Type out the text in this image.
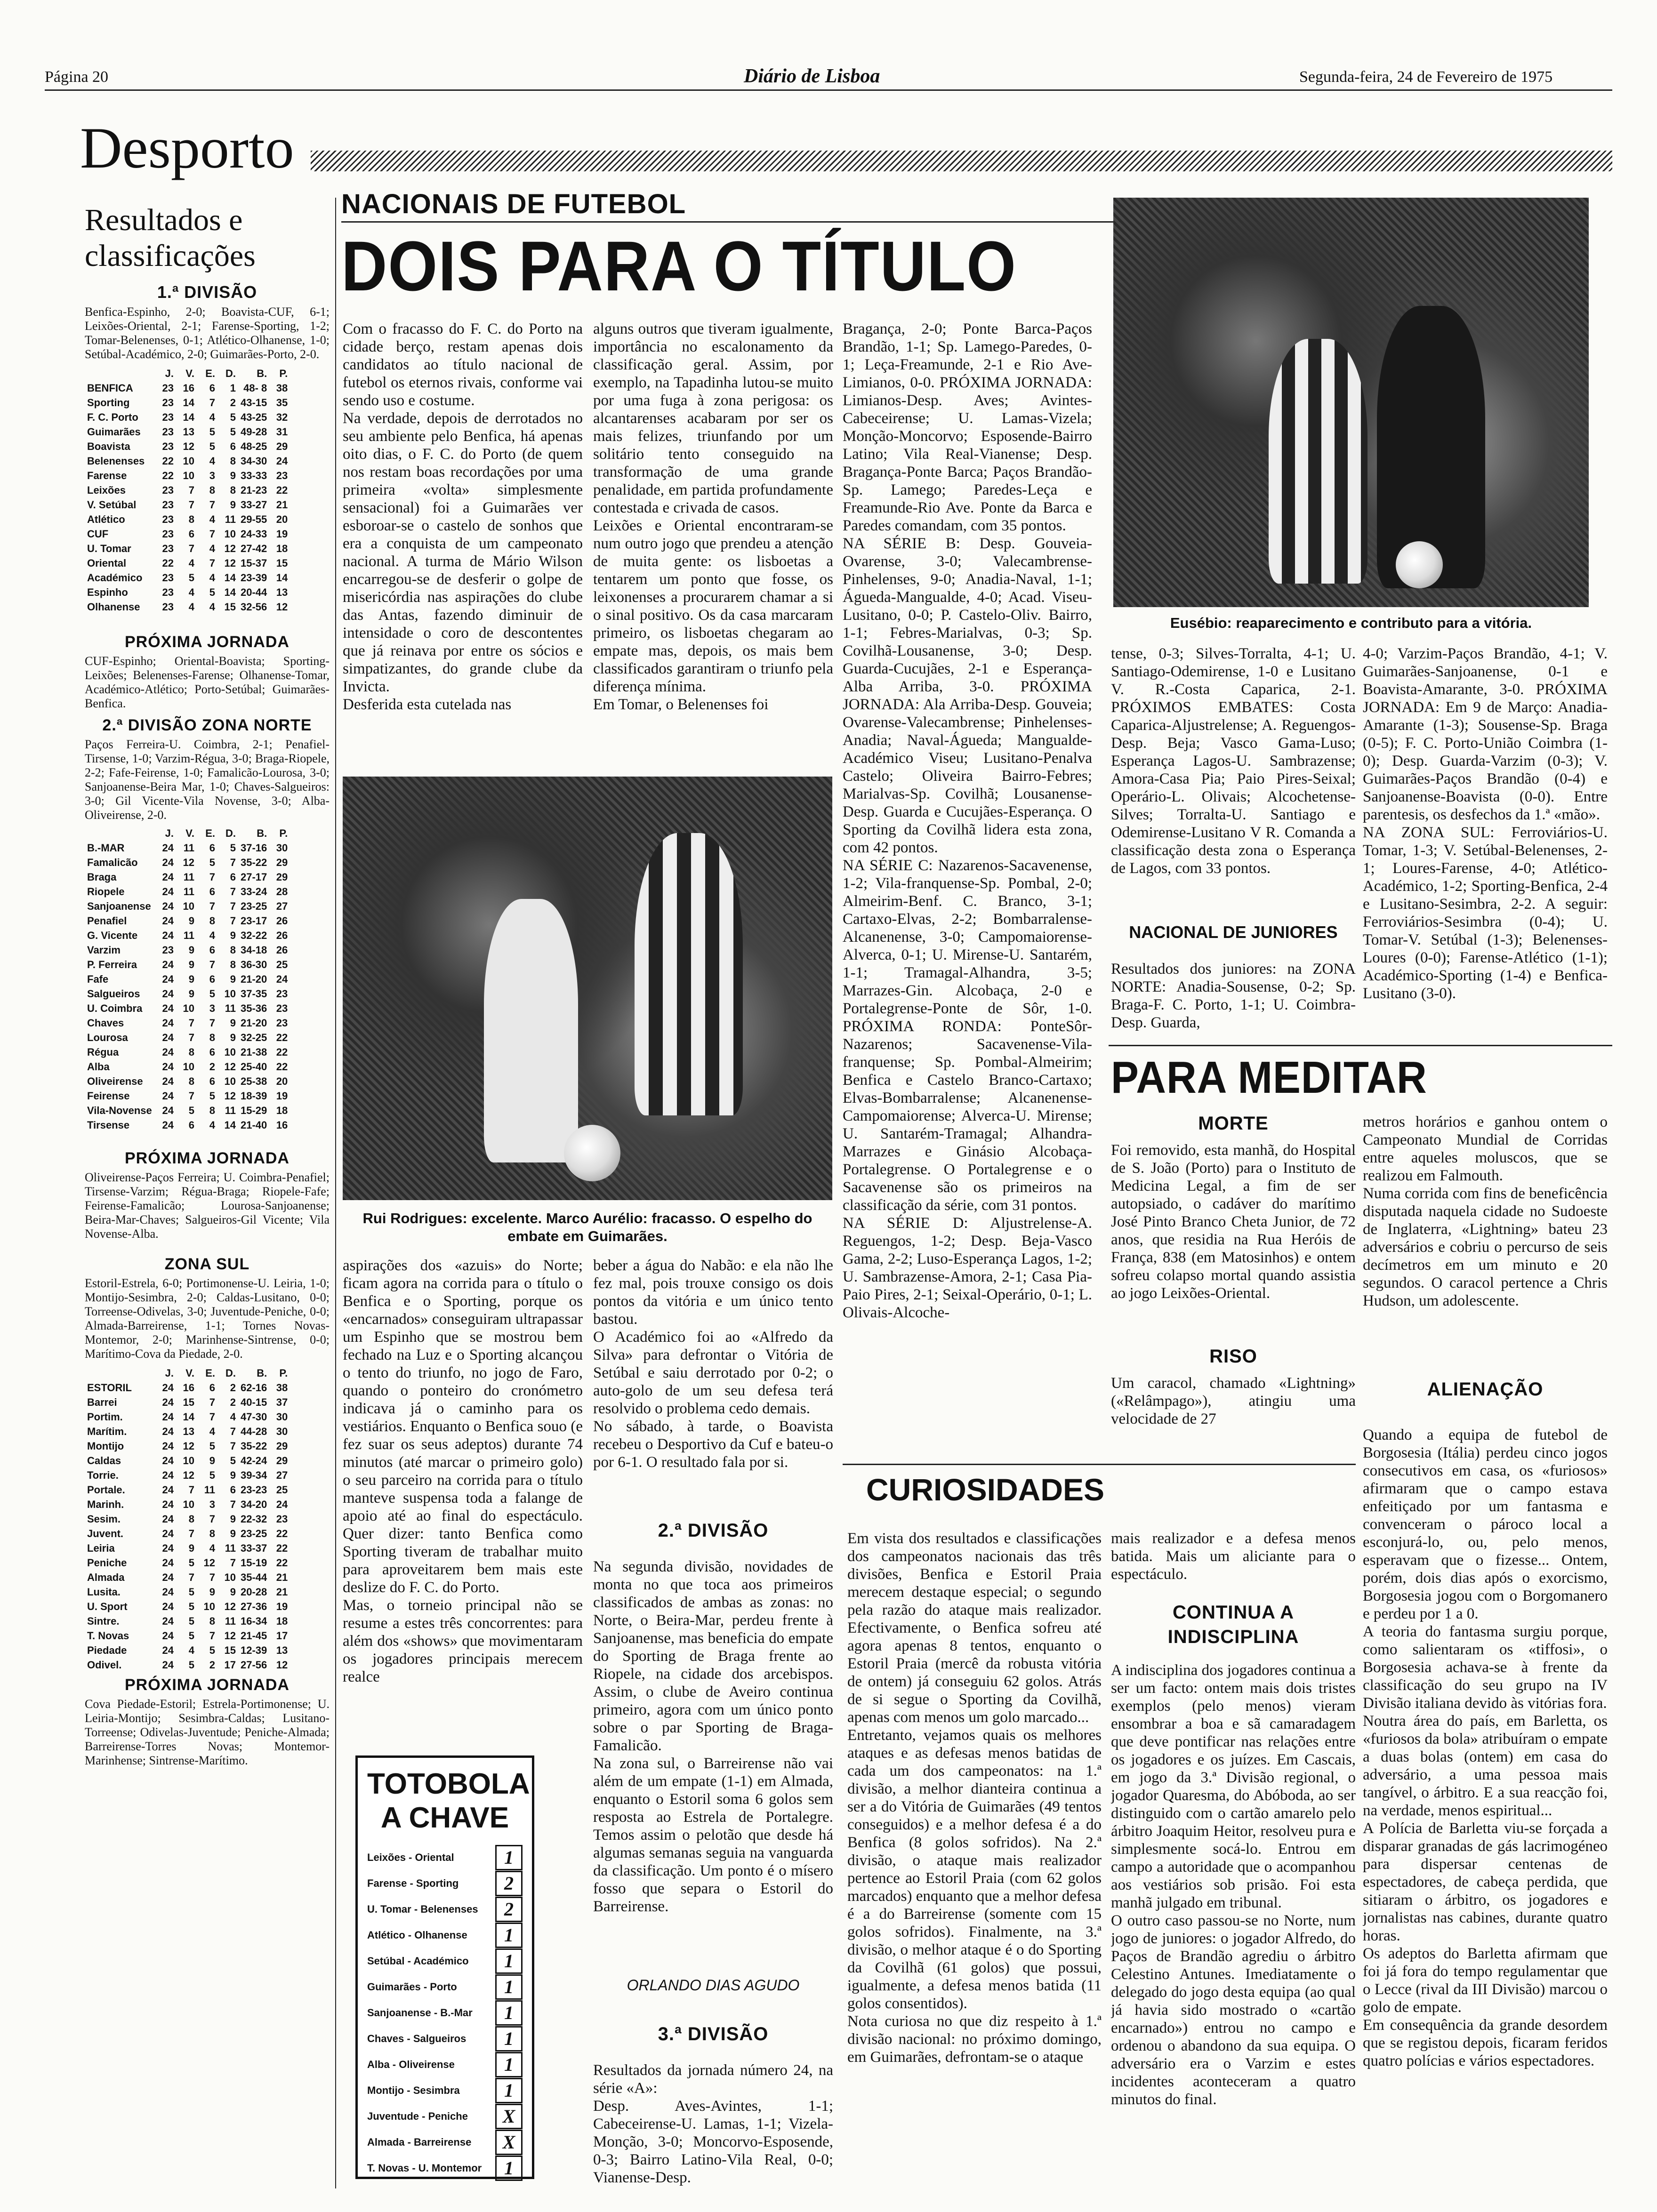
Página 20	Diário de Lisboa	Segunda-feira, 24 de Fevereiro de 1975
Desporto
Resultados e classificações
1.ª DIVISÃO
Benfica-Espinho, 2-0; Boavista-CUF, 6-1; Leixões-Oriental, 2-1; Farense-Sporting, 1-2; Tomar-Belenenses, 0-1; Atlético-Olhanense, 1-0; Setúbal-Académico, 2-0; Guimarães-Porto, 2-0.
	J.	V.	E.	D.	B.	P.
BENFICA	23	16	6	1	48- 8	38
Sporting	23	14	7	2	43-15	35
F. C. Porto	23	14	4	5	43-25	32
Guimarães	23	13	5	5	49-28	31
Boavista	23	12	5	6	48-25	29
Belenenses	22	10	4	8	34-30	24
Farense	22	10	3	9	33-33	23
Leixões	23	7	8	8	21-23	22
V. Setúbal	23	7	7	9	33-27	21
Atlético	23	8	4	11	29-55	20
CUF	23	6	7	10	24-33	19
U. Tomar	23	7	4	12	27-42	18
Oriental	22	4	7	12	15-37	15
Académico	23	5	4	14	23-39	14
Espinho	23	4	5	14	20-44	13
Olhanense	23	4	4	15	32-56	12
PRÓXIMA JORNADA
CUF-Espinho; Oriental-Boavista; Sporting-Leixões; Belenenses-Farense; Olhanense-Tomar, Académico-Atlético; Porto-Setúbal; Guimarães-Benfica.
2.ª DIVISÃO ZONA NORTE
Paços Ferreira-U. Coimbra, 2-1; Penafiel-Tirsense, 1-0; Varzim-Régua, 3-0; Braga-Riopele, 2-2; Fafe-Feirense, 1-0; Famalicão-Lourosa, 3-0; Sanjoanense-Beira Mar, 1-0; Chaves-Salgueiros: 3-0; Gil Vicente-Vila Novense, 3-0; Alba-Oliveirense, 2-0.
	J.	V.	E.	D.	B.	P.
B.-MAR	24	11	6	5	37-16	30
Famalicão	24	12	5	7	35-22	29
Braga	24	11	7	6	27-17	29
Riopele	24	11	6	7	33-24	28
Sanjoanense	24	10	7	7	23-25	27
Penafiel	24	9	8	7	23-17	26
G. Vicente	24	11	4	9	32-22	26
Varzim	23	9	6	8	34-18	26
P. Ferreira	24	9	7	8	36-30	25
Fafe	24	9	6	9	21-20	24
Salgueiros	24	9	5	10	37-35	23
U. Coimbra	24	10	3	11	35-36	23
Chaves	24	7	7	9	21-20	23
Lourosa	24	7	8	9	32-25	22
Régua	24	8	6	10	21-38	22
Alba	24	10	2	12	25-40	22
Oliveirense	24	8	6	10	25-38	20
Feirense	24	7	5	12	18-39	19
Vila-Novense	24	5	8	11	15-29	18
Tirsense	24	6	4	14	21-40	16
PRÓXIMA JORNADA
Oliveirense-Paços Ferreira; U. Coimbra-Penafiel; Tirsense-Varzim; Régua-Braga; Riopele-Fafe; Feirense-Famalicão; Lourosa-Sanjoanense; Beira-Mar-Chaves; Salgueiros-Gil Vicente; Vila Novense-Alba.
ZONA SUL
Estoril-Estrela, 6-0; Portimonense-U. Leiria, 1-0; Montijo-Sesimbra, 2-0; Caldas-Lusitano, 0-0; Torreense-Odivelas, 3-0; Juventude-Peniche, 0-0; Almada-Barreirense, 1-1; Tornes Novas-Montemor, 2-0; Marinhense-Sintrense, 0-0; Marítimo-Cova da Piedade, 2-0.
	J.	V.	E.	D.	B.	P.
ESTORIL	24	16	6	2	62-16	38
Barrei	24	15	7	2	40-15	37
Portim.	24	14	7	4	47-30	30
Marítim.	24	13	4	7	44-28	30
Montijo	24	12	5	7	35-22	29
Caldas	24	10	9	5	42-24	29
Torrie.	24	12	5	9	39-34	27
Portale.	24	7	11	6	23-23	25
Marinh.	24	10	3	7	34-20	24
Sesim.	24	8	7	9	22-32	23
Juvent.	24	7	8	9	23-25	22
Leiria	24	9	4	11	33-37	22
Peniche	24	5	12	7	15-19	22
Almada	24	7	7	10	35-44	21
Lusita.	24	5	9	9	20-28	21
U. Sport	24	5	10	12	27-36	19
Sintre.	24	5	8	11	16-34	18
T. Novas	24	5	7	12	21-45	17
Piedade	24	4	5	15	12-39	13
Odivel.	24	5	2	17	27-56	12
PRÓXIMA JORNADA
Cova Piedade-Estoril; Estrela-Portimonense; U. Leiria-Montijo; Sesimbra-Caldas; Lusitano-Torreense; Odivelas-Juventude; Peniche-Almada; Barreirense-Torres Novas; Montemor-Marinhense; Sintrense-Marítimo.
NACIONAIS DE FUTEBOL
DOIS PARA O TÍTULO
Com o fracasso do F. C. do Porto na cidade berço, restam apenas dois candidatos ao título nacional de futebol os eternos rivais, conforme vai sendo uso e costume.
Na verdade, depois de derrotados no seu ambiente pelo Benfica, há apenas oito dias, o F. C. do Porto (de quem nos restam boas recordações por uma primeira «volta» simplesmente sensacional) foi a Guimarães ver esboroar-se o castelo de sonhos que era a conquista de um campeonato nacional. A turma de Mário Wilson encarregou-se de desferir o golpe de misericórdia nas aspirações do clube das Antas, fazendo diminuir de intensidade o coro de descontentes que já reinava por entre os sócios e simpatizantes, do grande clube da Invicta.
Desferida esta cutelada nas
alguns outros que tiveram igualmente, importância no escalonamento da classificação geral. Assim, por exemplo, na Tapadinha lutou-se muito por uma fuga à zona perigosa: os alcantarenses acabaram por ser os mais felizes, triunfando por um solitário tento conseguido na transformação de uma grande penalidade, em partida profundamente contestada e crivada de casos.
Leixões e Oriental encontraram-se num outro jogo que prendeu a atenção de muita gente: os lisboetas a tentarem um ponto que fosse, os leixonenses a procurarem chamar a si o sinal positivo. Os da casa marcaram primeiro, os lisboetas chegaram ao empate mas, depois, os mais bem classificados garantiram o triunfo pela diferença mínima.
Em Tomar, o Belenenses foi
Bragança, 2-0; Ponte Barca-Paços Brandão, 1-1; Sp. Lamego-Paredes, 0-1; Leça-Freamunde, 2-1 e Rio Ave-Limianos, 0-0. PRÓXIMA JORNADA: Limianos-Desp. Aves; Avintes-Cabeceirense; U. Lamas-Vizela; Monção-Moncorvo; Esposende-Bairro Latino; Vila Real-Vianense; Desp. Bragança-Ponte Barca; Paços Brandão-Sp. Lamego; Paredes-Leça e Freamunde-Rio Ave. Ponte da Barca e Paredes comandam, com 35 pontos.
NA SÉRIE B: Desp. Gouveia-Ovarense, 3-0; Valecambrense-Pinhelenses, 9-0; Anadia-Naval, 1-1; Águeda-Mangualde, 4-0; Acad. Viseu-Lusitano, 0-0; P. Castelo-Oliv. Bairro, 1-1; Febres-Marialvas, 0-3; Sp. Covilhã-Lousanense, 3-0; Desp. Guarda-Cucujães, 2-1 e Esperança-Alba Arriba, 3-0. PRÓXIMA JORNADA: Ala Arriba-Desp. Gouveia; Ovarense-Valecambrense; Pinhelenses-Anadia; Naval-Águeda; Mangualde-Académico Viseu; Lusitano-Penalva Castelo; Oliveira Bairro-Febres; Marialvas-Sp. Covilhã; Lousanense-Desp. Guarda e Cucujães-Esperança. O Sporting da Covilhã lidera esta zona, com 42 pontos.
NA SÉRIE C: Nazarenos-Sacavenense, 1-2; Vila-franquense-Sp. Pombal, 2-0; Almeirim-Benf. C. Branco, 3-1; Cartaxo-Elvas, 2-2; Bombarralense-Alcanenense, 3-0; Campomaiorense-Alverca, 0-1; U. Mirense-U. Santarém, 1-1; Tramagal-Alhandra, 3-5; Marrazes-Gin. Alcobaça, 2-0 e Portalegrense-Ponte de Sôr, 1-0. PRÓXIMA RONDA: PonteSôr-Nazarenos; Sacavenense-Vila-franquense; Sp. Pombal-Almeirim; Benfica e Castelo Branco-Cartaxo; Elvas-Bombarralense; Alcanenense-Campomaiorense; Alverca-U. Mirense; U. Santarém-Tramagal; Alhandra-Marrazes e Ginásio Alcobaça-Portalegrense. O Portalegrense e o Sacavenense são os primeiros na classificação da série, com 31 pontos.
NA SÉRIE D: Aljustrelense-A. Reguengos, 1-2; Desp. Beja-Vasco Gama, 2-2; Luso-Esperança Lagos, 1-2; U. Sambrazense-Amora, 2-1; Casa Pia-Paio Pires, 2-1; Seixal-Operário, 0-1; L. Olivais-Alcoche-
Rui Rodrigues: excelente. Marco Aurélio: fracasso. O espelho do embate em Guimarães.
aspirações dos «azuis» do Norte; ficam agora na corrida para o título o Benfica e o Sporting, porque os «encarnados» conseguiram ultrapassar um Espinho que se mostrou bem fechado na Luz e o Sporting alcançou o tento do triunfo, no jogo de Faro, quando o ponteiro do cronómetro indicava já o caminho para os vestiários. Enquanto o Benfica souo (e fez suar os seus adeptos) durante 74 minutos (até marcar o primeiro golo) o seu parceiro na corrida para o título manteve suspensa toda a falange de apoio até ao final do espectáculo. Quer dizer: tanto Benfica como Sporting tiveram de trabalhar muito para aproveitarem bem mais este deslize do F. C. do Porto.
Mas, o torneio principal não se resume a estes três concorrentes: para além dos «shows» que movimentaram os jogadores principais merecem realce
beber a água do Nabão: e ela não lhe fez mal, pois trouxe consigo os dois pontos da vitória e um único tento bastou.
O Académico foi ao «Alfredo da Silva» para defrontar o Vitória de Setúbal e saiu derrotado por 0-2; o auto-golo de um seu defesa terá resolvido o problema cedo demais.
No sábado, à tarde, o Boavista recebeu o Desportivo da Cuf e bateu-o por 6-1. O resultado fala por si.
2.ª DIVISÃO
Na segunda divisão, novidades de monta no que toca aos primeiros classificados de ambas as zonas: no Norte, o Beira-Mar, perdeu frente à Sanjoanense, mas beneficia do empate do Sporting de Braga frente ao Riopele, na cidade dos arcebispos. Assim, o clube de Aveiro continua primeiro, agora com um único ponto sobre o par Sporting de Braga-Famalicão.
Na zona sul, o Barreirense não vai além de um empate (1-1) em Almada, enquanto o Estoril soma 6 golos sem resposta ao Estrela de Portalegre. Temos assim o pelotão que desde há algumas semanas seguia na vanguarda da classificação. Um ponto é o mísero fosso que separa o Estoril do Barreirense.
ORLANDO DIAS AGUDO
3.ª DIVISÃO
Resultados da jornada número 24, na série «A»:
Desp. Aves-Avintes, 1-1; Cabeceirense-U. Lamas, 1-1; Vizela-Monção, 3-0; Moncorvo-Esposende, 0-3; Bairro Latino-Vila Real, 0-0; Vianense-Desp.
TOTOBOLA
A CHAVE
Leixões - Oriental	1
Farense - Sporting	2
U. Tomar - Belenenses	2
Atlético - Olhanense	1
Setúbal - Académico	1
Guimarães - Porto	1
Sanjoanense - B.-Mar	1
Chaves - Salgueiros	1
Alba - Oliveirense	1
Montijo - Sesimbra	1
Juventude - Peniche	X
Almada - Barreirense	X
T. Novas - U. Montemor	1
Eusébio: reaparecimento e contributo para a vitória.
tense, 0-3; Silves-Torralta, 4-1; U. Santiago-Odemirense, 1-0 e Lusitano V. R.-Costa Caparica, 2-1. PRÓXIMOS EMBATES: Costa Caparica-Aljustrelense; A. Reguengos-Desp. Beja; Vasco Gama-Luso; Esperança Lagos-U. Sambrazense; Amora-Casa Pia; Paio Pires-Seixal; Operário-L. Olivais; Alcochetense-Silves; Torralta-U. Santiago e Odemirense-Lusitano V R. Comanda a classificação desta zona o Esperança de Lagos, com 33 pontos.
NACIONAL DE JUNIORES
Resultados dos juniores: na ZONA NORTE: Anadia-Sousense, 0-2; Sp. Braga-F. C. Porto, 1-1; U. Coimbra-Desp. Guarda,
4-0; Varzim-Paços Brandão, 4-1; V. Guimarães-Sanjoanense, 0-1 e Boavista-Amarante, 3-0. PRÓXIMA JORNADA: Em 9 de Março: Anadia-Amarante (1-3); Sousense-Sp. Braga (0-5); F. C. Porto-União Coimbra (1-0); Desp. Guarda-Varzim (0-3); V. Guimarães-Paços Brandão (0-4) e Sanjoanense-Boavista (0-0). Entre parentesis, os desfechos da 1.ª «mão».
NA ZONA SUL: Ferroviários-U. Tomar, 1-3; V. Setúbal-Belenenses, 2-1; Loures-Farense, 4-0; Atlético-Académico, 1-2; Sporting-Benfica, 2-4 e Lusitano-Sesimbra, 2-2. A seguir: Ferroviários-Sesimbra (0-4); U. Tomar-V. Setúbal (1-3); Belenenses-Loures (0-0); Farense-Atlético (1-1); Académico-Sporting (1-4) e Benfica-Lusitano (3-0).
PARA MEDITAR
MORTE
Foi removido, esta manhã, do Hospital de S. João (Porto) para o Instituto de Medicina Legal, a fim de ser autopsiado, o cadáver do marítimo José Pinto Branco Cheta Junior, de 72 anos, que residia na Rua Heróis de França, 838 (em Matosinhos) e ontem sofreu colapso mortal quando assistia ao jogo Leixões-Oriental.
RISO
Um caracol, chamado «Lightning» («Relâmpago»), atingiu uma velocidade de 27
metros horários e ganhou ontem o Campeonato Mundial de Corridas entre aqueles moluscos, que se realizou em Falmouth.
Numa corrida com fins de beneficência disputada naquela cidade no Sudoeste de Inglaterra, «Lightning» bateu 23 adversários e cobriu o percurso de seis decímetros em um minuto e 20 segundos. O caracol pertence a Chris Hudson, um adolescente.
ALIENAÇÃO
Quando a equipa de futebol de Borgosesia (Itália) perdeu cinco jogos consecutivos em casa, os «furiosos» afirmaram que o campo estava enfeitiçado por um fantasma e convenceram o pároco local a esconjurá-lo, ou, pelo menos, esperavam que o fizesse... Ontem, porém, dois dias após o exorcismo, Borgosesia jogou com o Borgomanero e perdeu por 1 a 0.
A teoria do fantasma surgiu porque, como salientaram os «tiffosi», o Borgosesia achava-se à frente da classificação do seu grupo na IV Divisão italiana devido às vitórias fora.
Noutra área do país, em Barletta, os «furiosos da bola» atribuíram o empate a duas bolas (ontem) em casa do adversário, a uma pessoa mais tangível, o árbitro. E a sua reacção foi, na verdade, menos espiritual...
A Polícia de Barletta viu-se forçada a disparar granadas de gás lacrimogéneo para dispersar centenas de espectadores, de cabeça perdida, que sitiaram o árbitro, os jogadores e jornalistas nas cabines, durante quatro horas.
Os adeptos do Barletta afirmam que foi já fora do tempo regulamentar que o Lecce (rival da III Divisão) marcou o golo de empate.
Em consequência da grande desordem que se registou depois, ficaram feridos quatro polícias e vários espectadores.
CURIOSIDADES
Em vista dos resultados e classificações dos campeonatos nacionais das três divisões, Benfica e Estoril Praia merecem destaque especial; o segundo pela razão do ataque mais realizador. Efectivamente, o Benfica sofreu até agora apenas 8 tentos, enquanto o Estoril Praia (mercê da robusta vitória de ontem) já conseguiu 62 golos. Atrás de si segue o Sporting da Covilhã, apenas com menos um golo marcado...
Entretanto, vejamos quais os melhores ataques e as defesas menos batidas de cada um dos campeonatos: na 1.ª divisão, a melhor dianteira continua a ser a do Vitória de Guimarães (49 tentos conseguidos) e a melhor defesa é a do Benfica (8 golos sofridos). Na 2.ª divisão, o ataque mais realizador pertence ao Estoril Praia (com 62 golos marcados) enquanto que a melhor defesa é a do Barreirense (somente com 15 golos sofridos). Finalmente, na 3.ª divisão, o melhor ataque é o do Sporting da Covilhã (61 golos) que possui, igualmente, a defesa menos batida (11 golos consentidos).
Nota curiosa no que diz respeito à 1.ª divisão nacional: no próximo domingo, em Guimarães, defrontam-se o ataque
mais realizador e a defesa menos batida. Mais um aliciante para o espectáculo.
CONTINUA A INDISCIPLINA
A indisciplina dos jogadores continua a ser um facto: ontem mais dois tristes exemplos (pelo menos) vieram ensombrar a boa e sã camaradagem que deve pontificar nas relações entre os jogadores e os juízes. Em Cascais, em jogo da 3.ª Divisão regional, o jogador Quaresma, do Abóboda, ao ser distinguido com o cartão amarelo pelo árbitro Joaquim Heitor, resolveu pura e simplesmente socá-lo. Entrou em campo a autoridade que o acompanhou aos vestiários sob prisão. Foi esta manhã julgado em tribunal.
O outro caso passou-se no Norte, num jogo de juniores: o jogador Alfredo, do Paços de Brandão agrediu o árbitro Celestino Antunes. Imediatamente o delegado do jogo desta equipa (ao qual já havia sido mostrado o «cartão encarnado») entrou no campo e ordenou o abandono da sua equipa. O adversário era o Varzim e estes incidentes aconteceram a quatro minutos do final.
